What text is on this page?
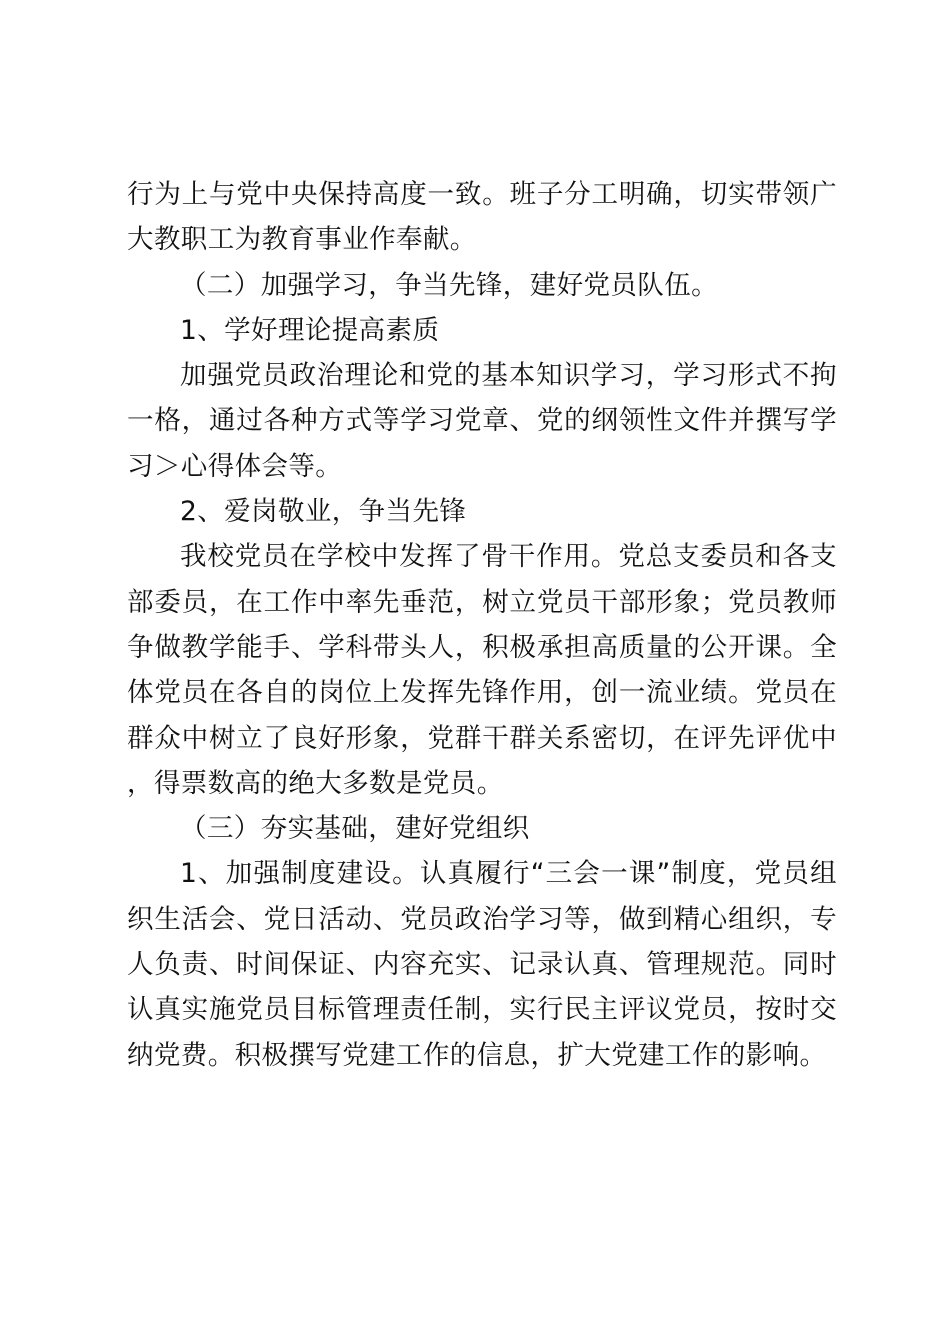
行为上与党中央保持高度一致。班子分工明确，切实带领广大教职工为教育事业作奉献。

（二）加强学习，争当先锋，建好党员队伍。

1、学好理论提高素质

加强党员政治理论和党的基本知识学习，学习形式不拘一格，通过各种方式等学习党章、党的纲领性文件并撰写学习＞心得体会等。

2、爱岗敬业，争当先锋

我校党员在学校中发挥了骨干作用。党总支委员和各支部委员，在工作中率先垂范，树立党员干部形象；党员教师争做教学能手、学科带头人，积极承担高质量的公开课。全体党员在各自的岗位上发挥先锋作用，创一流业绩。党员在群众中树立了良好形象，党群干群关系密切，在评先评优中，得票数高的绝大多数是党员。

（三）夯实基础，建好党组织

1、加强制度建设。认真履行“三会一课”制度，党员组织生活会、党日活动、党员政治学习等，做到精心组织，专人负责、时间保证、内容充实、记录认真、管理规范。同时认真实施党员目标管理责任制，实行民主评议党员，按时交纳党费。积极撰写党建工作的信息，扩大党建工作的影响。
